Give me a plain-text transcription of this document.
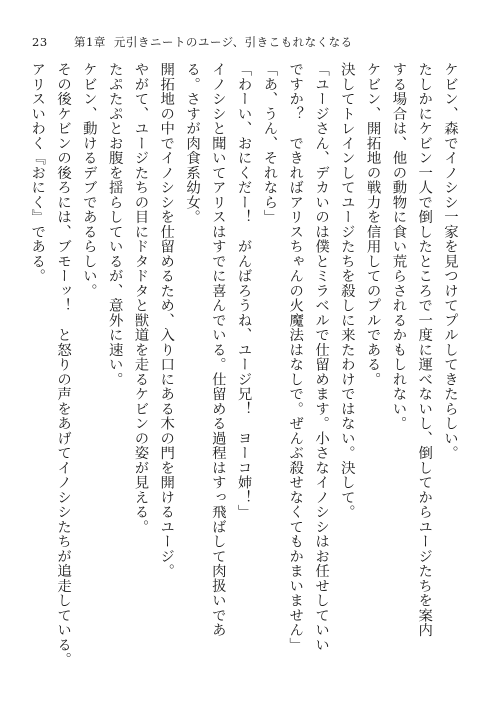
23 第1章 元引きニートのユージ、引きこもれなくなる
ケビン、森でイノシシ一家を見つけてプルしてきたらしい。
たしかにケビン一人で倒したところで一度に運べないし、倒してからユージたちを案内
する場合は、他の動物に食い荒らされるかもしれない。
ケビン、開拓地の戦力を信用してのプルである。
決してトレインしてユージたちを殺しに来たわけではない。決して。
「ユージさん、デカいのは僕とミラベルで仕留めます。小さなイノシシはお任せしていい
ですか？　できればアリスちゃんの火魔法はなしで。ぜんぶ殺せなくてもかまいません」
「あ、うん、それなら」
「わーい、おにくだー！　がんばろうね、ユージ兄！　ヨーコ姉！」
イノシシと聞いてアリスはすでに喜んでいる。仕留める過程はすっ飛ばして肉扱いであ
る。さすが肉食系幼女。
開拓地の中でイノシシを仕留めるため、入り口にある木の門を開けるユージ。
やがて、ユージたちの目にドタドタと獣道を走るケビンの姿が見える。
たぷたぷとお腹を揺らしているが、意外に速い。
ケビン、動けるデブであるらしい。
その後ケビンの後ろには、ブモーッ！　と怒りの声をあげてイノシシたちが追走している。
アリスいわく『おにく』である。
